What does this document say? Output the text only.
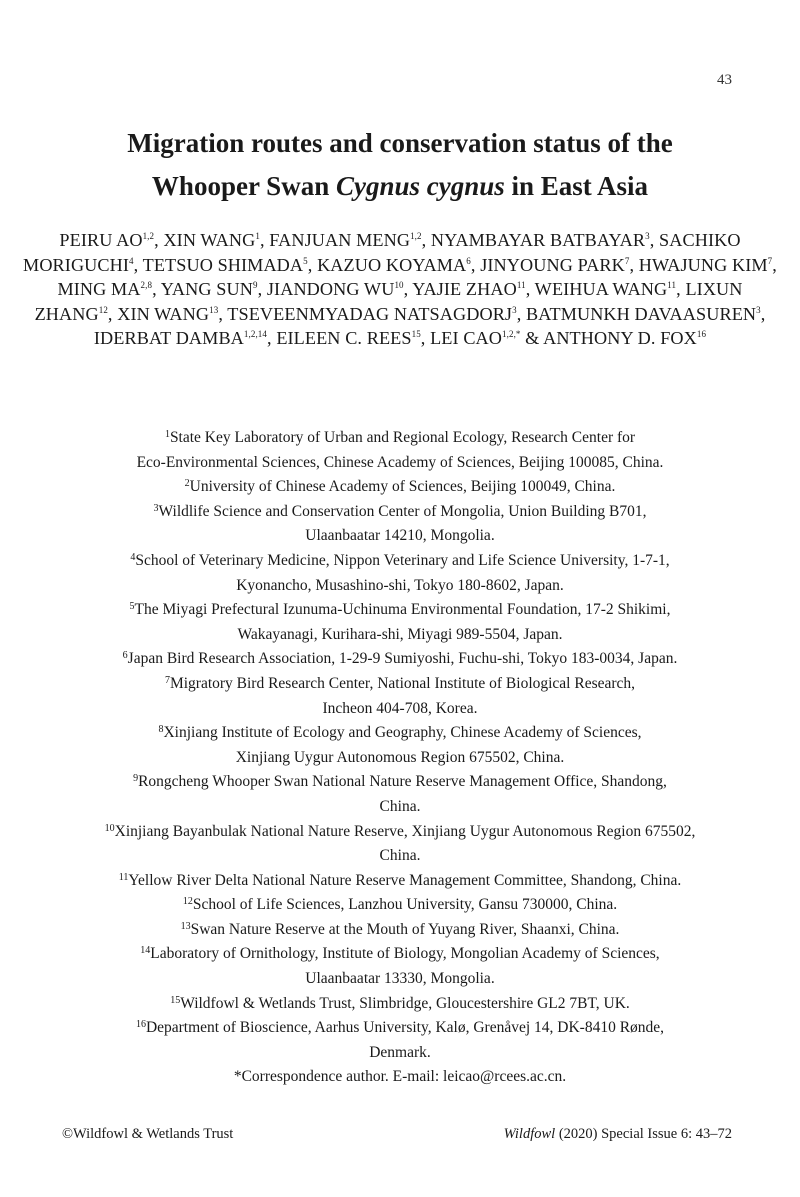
43
Migration routes and conservation status of the
Whooper Swan Cygnus cygnus in East Asia

PEIRU AO$^{1,2}$, XIN WANG$^1$, FANJUAN MENG$^{1,2}$, NYAMBAYAR BATBAYAR$^3$, SACHIKO MORIGUCHI$^4$, TETSUO SHIMADA$^5$, KAZUO KOYAMA$^6$, JINYOUNG PARK$^7$, HWAJUNG KIM$^7$, MING MA$^{2,8}$, YANG SUN$^9$, JIANDONG WU$^{10}$, YAJIE ZHAO$^{11}$, WEIHUA WANG$^{11}$, LIXUN ZHANG$^{12}$, XIN WANG$^{13}$, TSEVEENMYADAG NATSAGDORJ$^3$, BATMUNKH DAVAASUREN$^3$, IDERBAT DAMBA$^{1,2,14}$, EILEEN C. REES$^{15}$, LEI $CAO^{1,2,*}$ & ANTHONY D. FOX$^{16}$

$^1$State Key Laboratory of Urban and Regional Ecology, Research Center for
Eco-Environmental Sciences, Chinese Academy of Sciences, Beijing 100085, China.
$^2$University of Chinese Academy of Sciences, Beijing 100049, China.
$^3$Wildlife Science and Conservation Center of Mongolia, Union Building B701,
Ulaanbaatar 14210, Mongolia.
$^4$School of Veterinary Medicine, Nippon Veterinary and Life Science University, 1-7-1,
Kyonancho, Musashino-shi, Tokyo 180-8602, Japan.
$^5$The Miyagi Prefectural Izunuma-Uchinuma Environmental Foundation, 17-2 Shikimi,
Wakayanagi, Kurihara-shi, Miyagi 989-5504, Japan.
$^6$Japan Bird Research Association, 1-29-9 Sumiyoshi, Fuchu-shi, Tokyo 183-0034, Japan.
$^7$Migratory Bird Research Center, National Institute of Biological Research,
Incheon 404-708, Korea.
$^8$Xinjiang Institute of Ecology and Geography, Chinese Academy of Sciences,
Xinjiang Uygur Autonomous Region 675502, China.
$^9$Rongcheng Whooper Swan National Nature Reserve Management Office, Shandong,
China.
$^{10}$Xinjiang Bayanbulak National Nature Reserve, Xinjiang Uygur Autonomous Region 675502,
China.
$^{11}$Yellow River Delta National Nature Reserve Management Committee, Shandong, China.
$^{12}$School of Life Sciences, Lanzhou University, Gansu 730000, China.
$^{13}$Swan Nature Reserve at the Mouth of Yuyang River, Shaanxi, China.
$^{14}$Laboratory of Ornithology, Institute of Biology, Mongolian Academy of Sciences,
Ulaanbaatar 13330, Mongolia.
$^{15}$Wildfowl & Wetlands Trust, Slimbridge, Gloucestershire GL2 7BT, UK.
$^{16}$Department of Bioscience, Aarhus University, Kalø, Grenåvej 14, DK-8410 Rønde,
Denmark.
*Correspondence author. E-mail: leicao@rcees.ac.cn.
©Wildfowl & Wetlands Trust	Wildfowl (2020) Special Issue 6: 43–72
